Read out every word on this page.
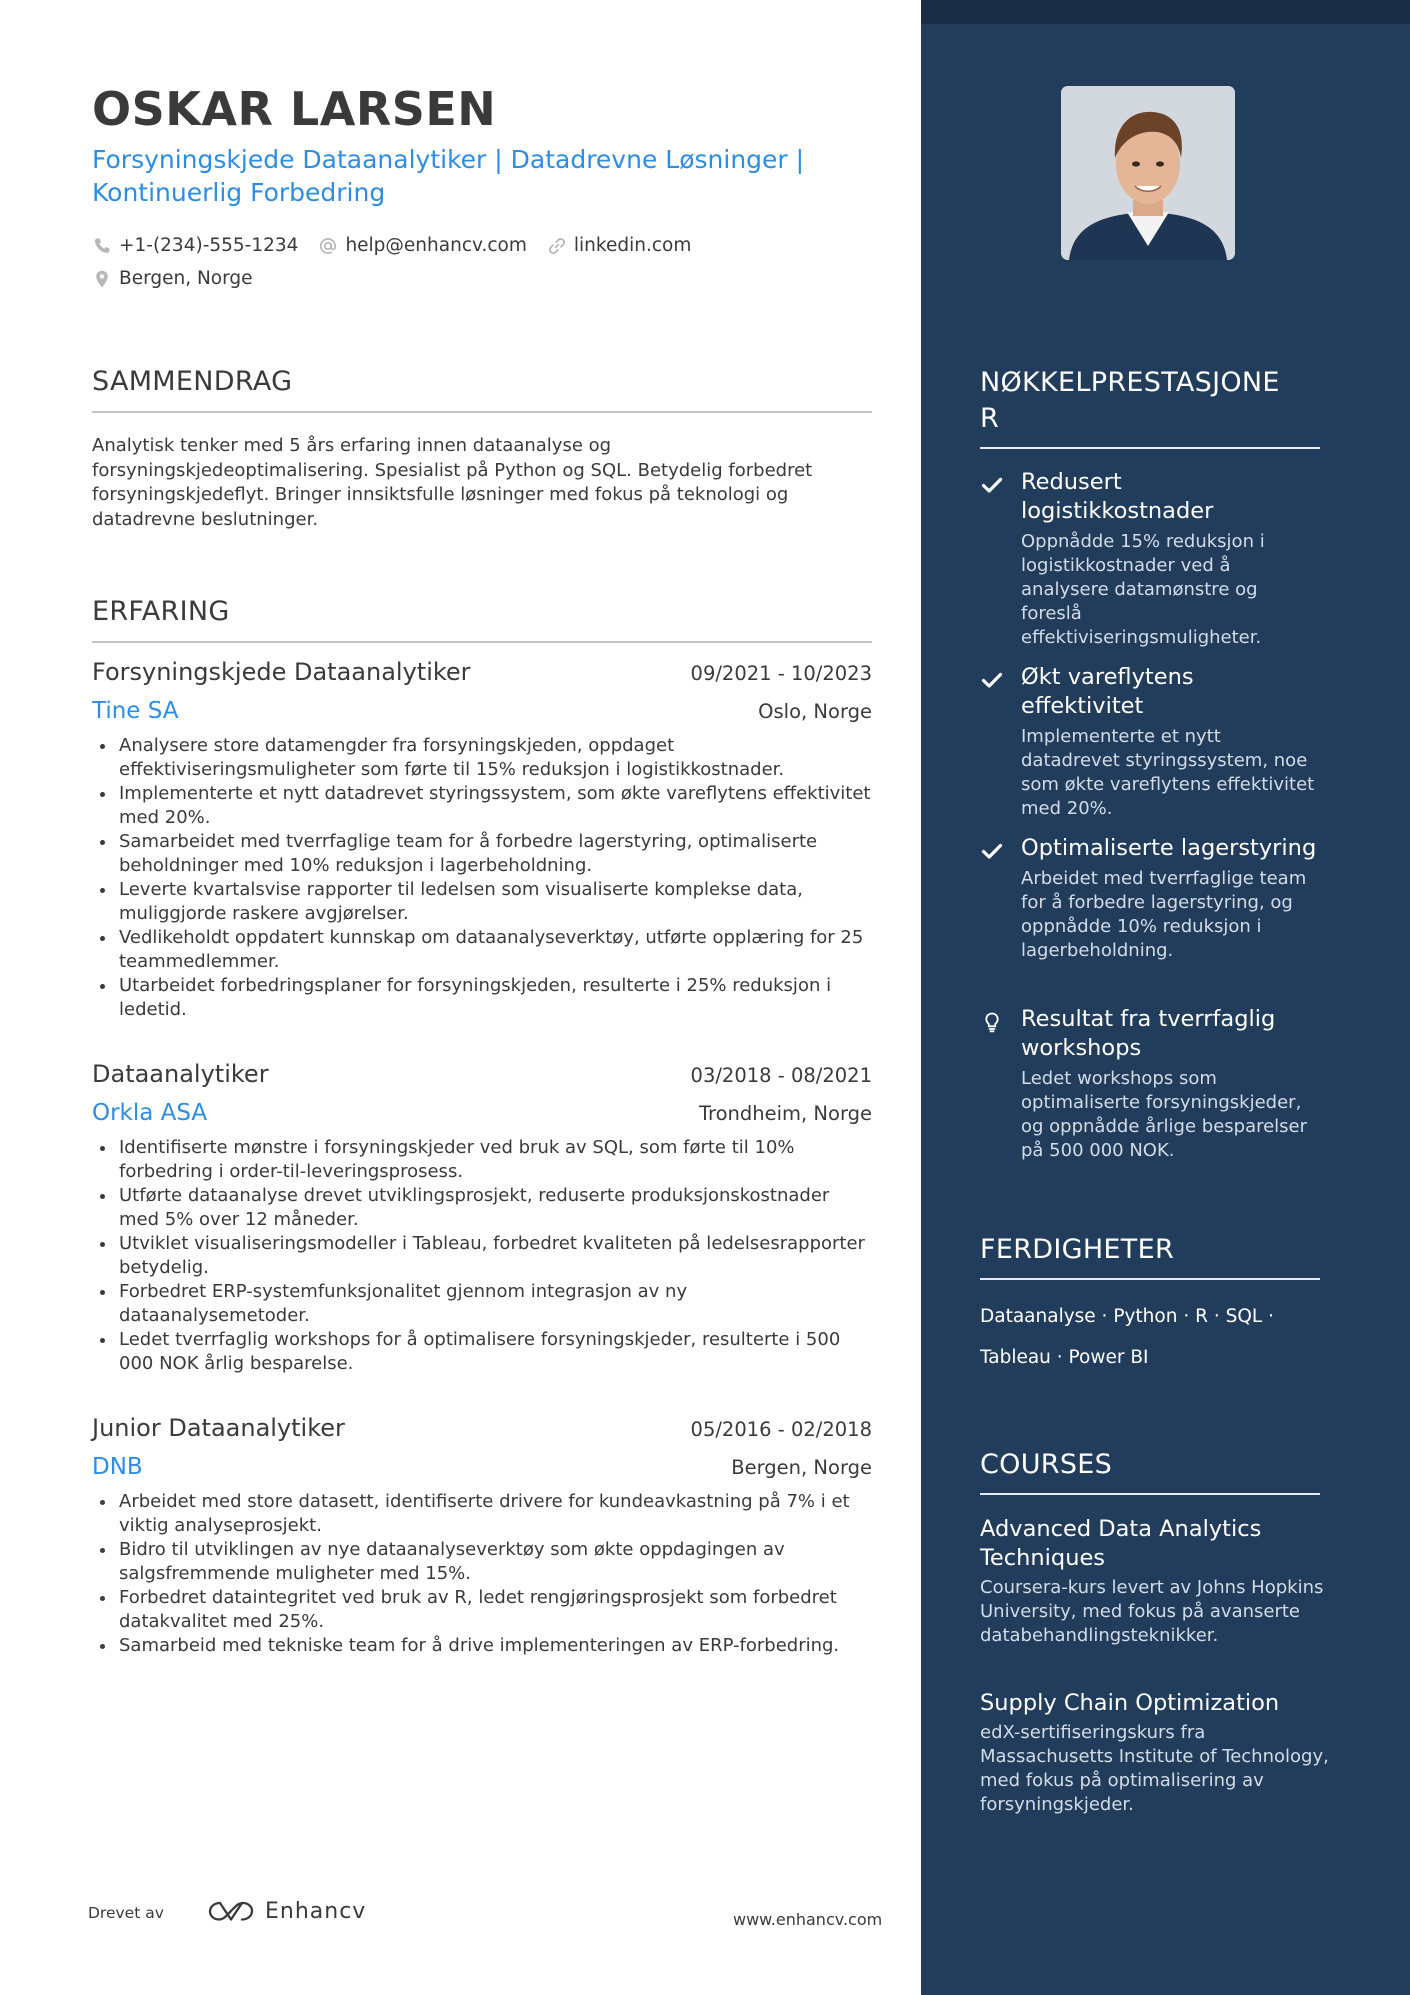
OSKAR LARSEN
Forsyningskjede Dataanalytiker | Datadrevne Løsninger | Kontinuerlig Forbedring
+1-(234)-555-1234	help@enhancv.com	linkedin.com
Bergen, Norge
SAMMENDRAG
Analytisk tenker med 5 års erfaring innen dataanalyse og forsyningskjedeoptimalisering. Spesialist på Python og SQL. Betydelig forbedret forsyningskjedeflyt. Bringer innsiktsfulle løsninger med fokus på teknologi og datadrevne beslutninger.
ERFARING
Forsyningskjede Dataanalytiker	09/2021 - 10/2023
Tine SA	Oslo, Norge
Analysere store datamengder fra forsyningskjeden, oppdaget effektiviseringsmuligheter som førte til 15% reduksjon i logistikkostnader.
Implementerte et nytt datadrevet styringssystem, som økte vareflytens effektivitet med 20%.
Samarbeidet med tverrfaglige team for å forbedre lagerstyring, optimaliserte beholdninger med 10% reduksjon i lagerbeholdning.
Leverte kvartalsvise rapporter til ledelsen som visualiserte komplekse data, muliggjorde raskere avgjørelser.
Vedlikeholdt oppdatert kunnskap om dataanalyseverktøy, utførte opplæring for 25 teammedlemmer.
Utarbeidet forbedringsplaner for forsyningskjeden, resulterte i 25% reduksjon i ledetid.
Dataanalytiker	03/2018 - 08/2021
Orkla ASA	Trondheim, Norge
Identifiserte mønstre i forsyningskjeder ved bruk av SQL, som førte til 10% forbedring i order-til-leveringsprosess.
Utførte dataanalyse drevet utviklingsprosjekt, reduserte produksjonskostnader med 5% over 12 måneder.
Utviklet visualiseringsmodeller i Tableau, forbedret kvaliteten på ledelsesrapporter betydelig.
Forbedret ERP-systemfunksjonalitet gjennom integrasjon av ny dataanalysemetoder.
Ledet tverrfaglig workshops for å optimalisere forsyningskjeder, resulterte i 500 000 NOK årlig besparelse.
Junior Dataanalytiker	05/2016 - 02/2018
DNB	Bergen, Norge
Arbeidet med store datasett, identifiserte drivere for kundeavkastning på 7% i et viktig analyseprosjekt.
Bidro til utviklingen av nye dataanalyseverktøy som økte oppdagingen av salgsfremmende muligheter med 15%.
Forbedret dataintegritet ved bruk av R, ledet rengjøringsprosjekt som forbedret datakvalitet med 25%.
Samarbeid med tekniske team for å drive implementeringen av ERP-forbedring.
Drevet av	Enhancv	www.enhancv.com
NØKKELPRESTASJONE
R
Redusert logistikkostnader
Oppnådde 15% reduksjon i logistikkostnader ved å analysere datamønstre og foreslå effektiviseringsmuligheter.
Økt vareflytens effektivitet
Implementerte et nytt datadrevet styringssystem, noe som økte vareflytens effektivitet med 20%.
Optimaliserte lagerstyring
Arbeidet med tverrfaglige team for å forbedre lagerstyring, og oppnådde 10% reduksjon i lagerbeholdning.
Resultat fra tverrfaglig workshops
Ledet workshops som optimaliserte forsyningskjeder, og oppnådde årlige besparelser på 500 000 NOK.
FERDIGHETER
Dataanalyse · Python · R · SQL ·
Tableau · Power BI
COURSES
Advanced Data Analytics Techniques
Coursera-kurs levert av Johns Hopkins University, med fokus på avanserte databehandlingsteknikker.
Supply Chain Optimization
edX-sertifiseringskurs fra Massachusetts Institute of Technology, med fokus på optimalisering av forsyningskjeder.
